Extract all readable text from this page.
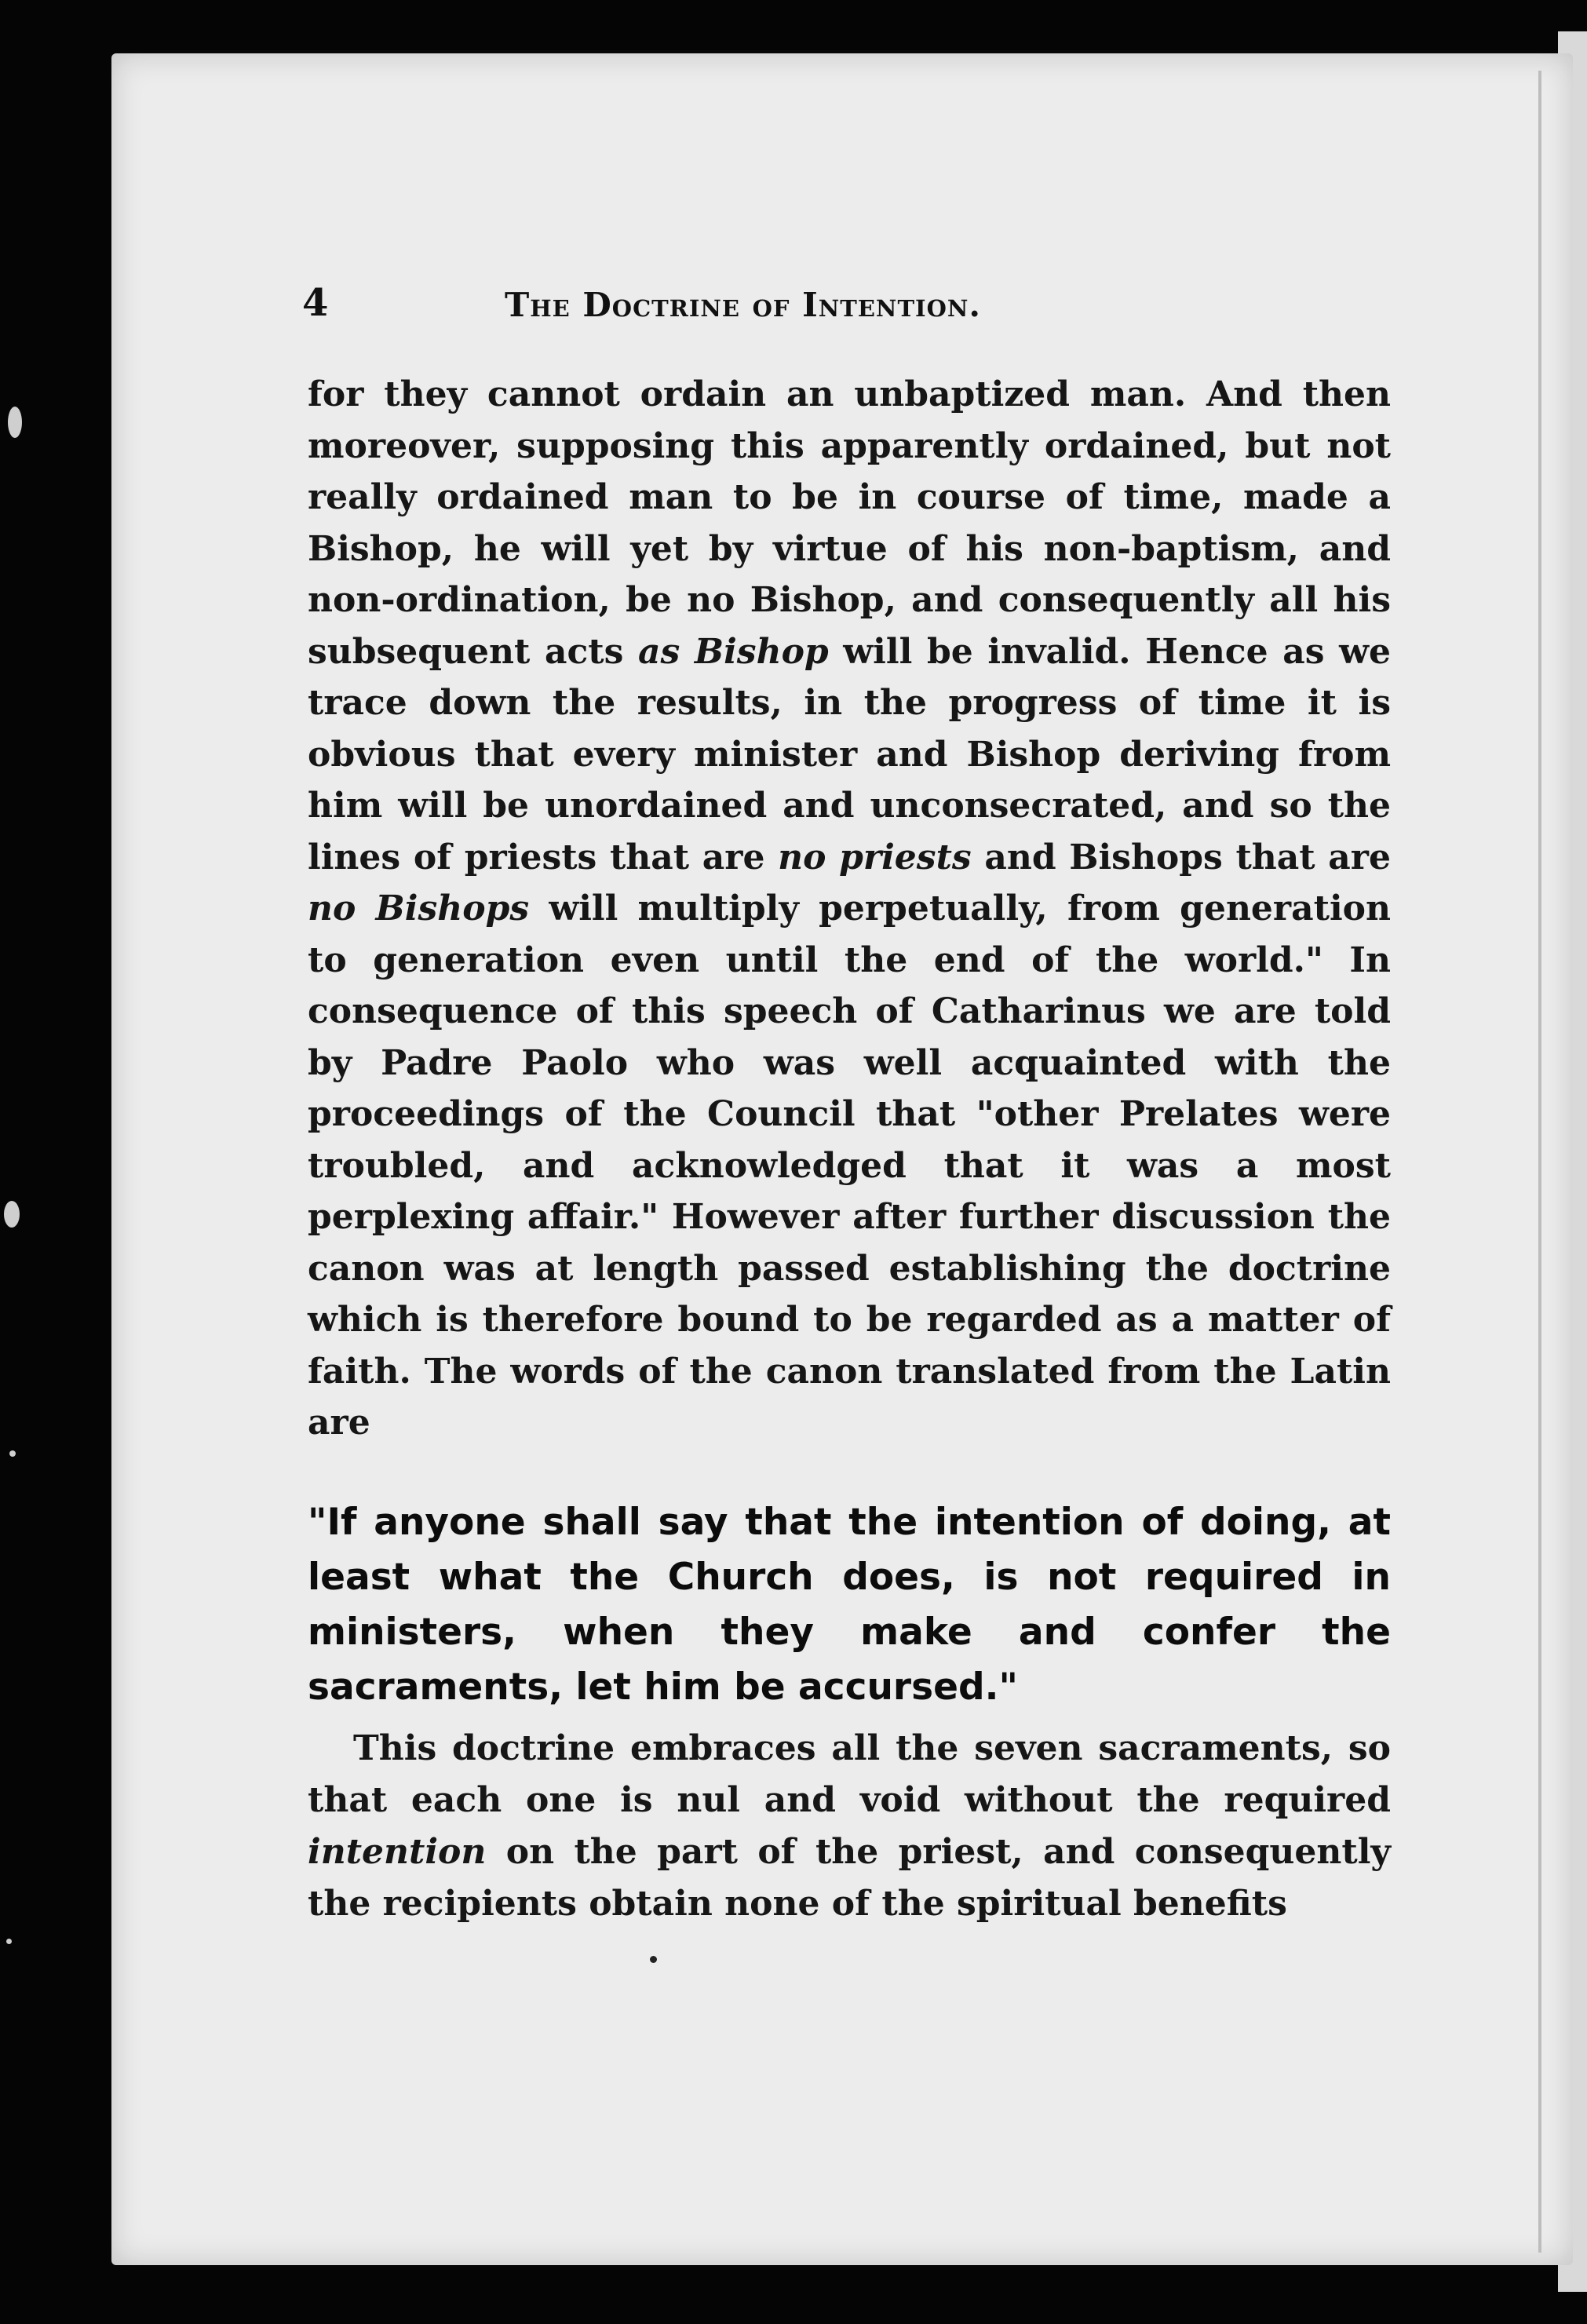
4	The Doctrine of Intention.

for they cannot ordain an unbaptized man. And then moreover, supposing this apparently ordained, but not really ordained man to be in course of time, made a Bishop, he will yet by virtue of his non-baptism, and non-ordination, be no Bishop, and consequently all his subsequent acts as Bishop will be invalid. Hence as we trace down the results, in the progress of time it is obvious that every minister and Bishop deriving from him will be unordained and unconsecrated, and so the lines of priests that are no priests and Bishops that are no Bishops will multiply perpetually, from generation to generation even until the end of the world." In consequence of this speech of Catharinus we are told by Padre Paolo who was well acquainted with the proceedings of the Council that "other Prelates were troubled, and acknowledged that it was a most perplexing affair." However after further discussion the canon was at length passed establishing the doctrine which is therefore bound to be regarded as a matter of faith. The words of the canon translated from the Latin are

"If anyone shall say that the intention of doing, at least what the Church does, is not required in ministers, when they make and confer the sacraments, let him be accursed."

This doctrine embraces all the seven sacraments, so that each one is nul and void without the required intention on the part of the priest, and consequently the recipients obtain none of the spiritual benefits
